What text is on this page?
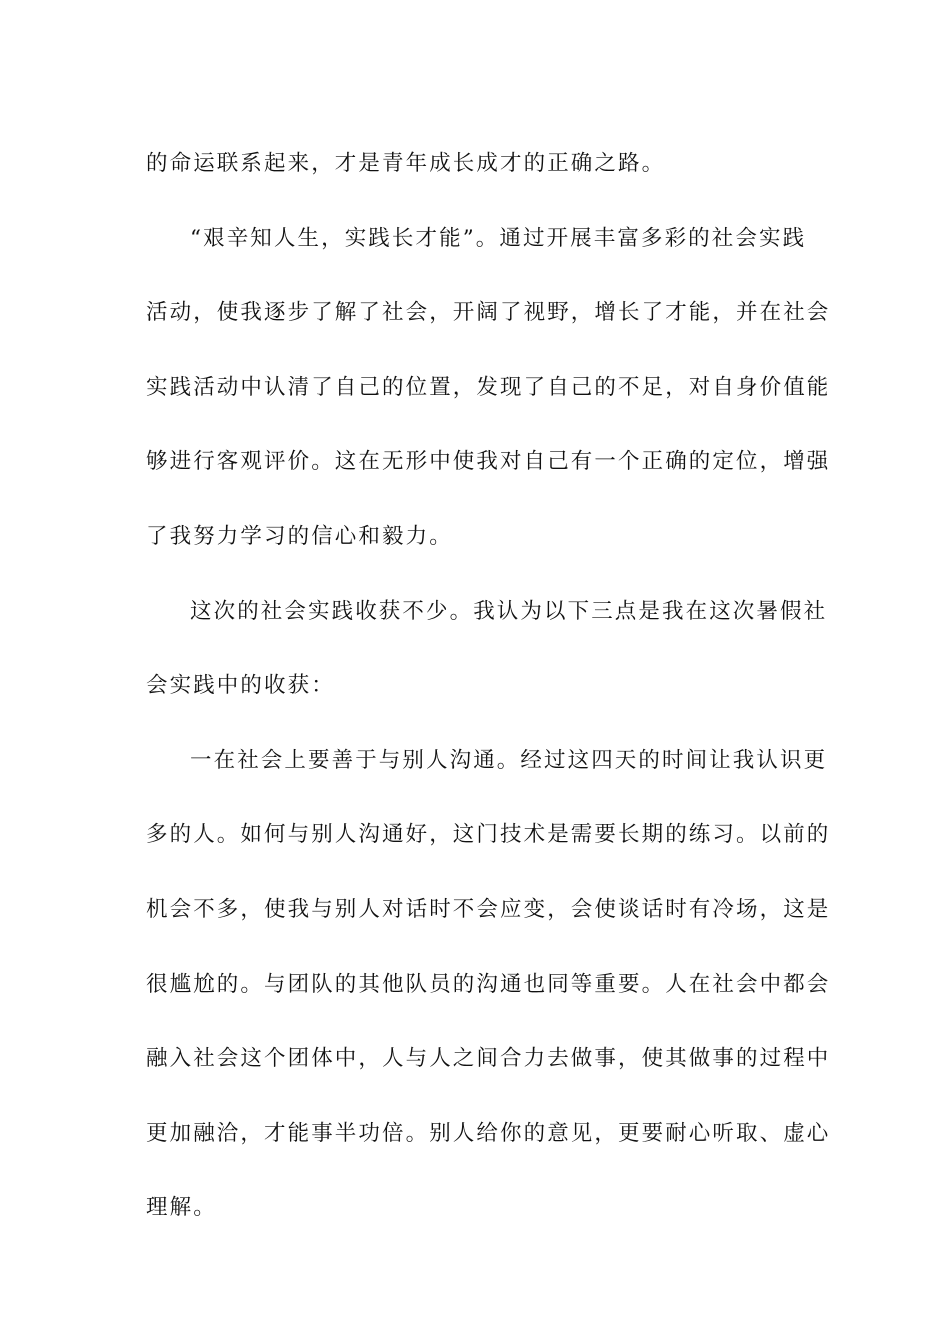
的命运联系起来，才是青年成长成才的正确之路。
“艰辛知人生，实践长才能”。通过开展丰富多彩的社会实践
活动，使我逐步了解了社会，开阔了视野，增长了才能，并在社会
实践活动中认清了自己的位置，发现了自己的不足，对自身价值能
够进行客观评价。这在无形中使我对自己有一个正确的定位，增强
了我努力学习的信心和毅力。
这次的社会实践收获不少。我认为以下三点是我在这次暑假社
会实践中的收获：
一在社会上要善于与别人沟通。经过这四天的时间让我认识更
多的人。如何与别人沟通好，这门技术是需要长期的练习。以前的
机会不多，使我与别人对话时不会应变，会使谈话时有冷场，这是
很尴尬的。与团队的其他队员的沟通也同等重要。人在社会中都会
融入社会这个团体中，人与人之间合力去做事，使其做事的过程中
更加融洽，才能事半功倍。别人给你的意见，更要耐心听取、虚心
理解。
